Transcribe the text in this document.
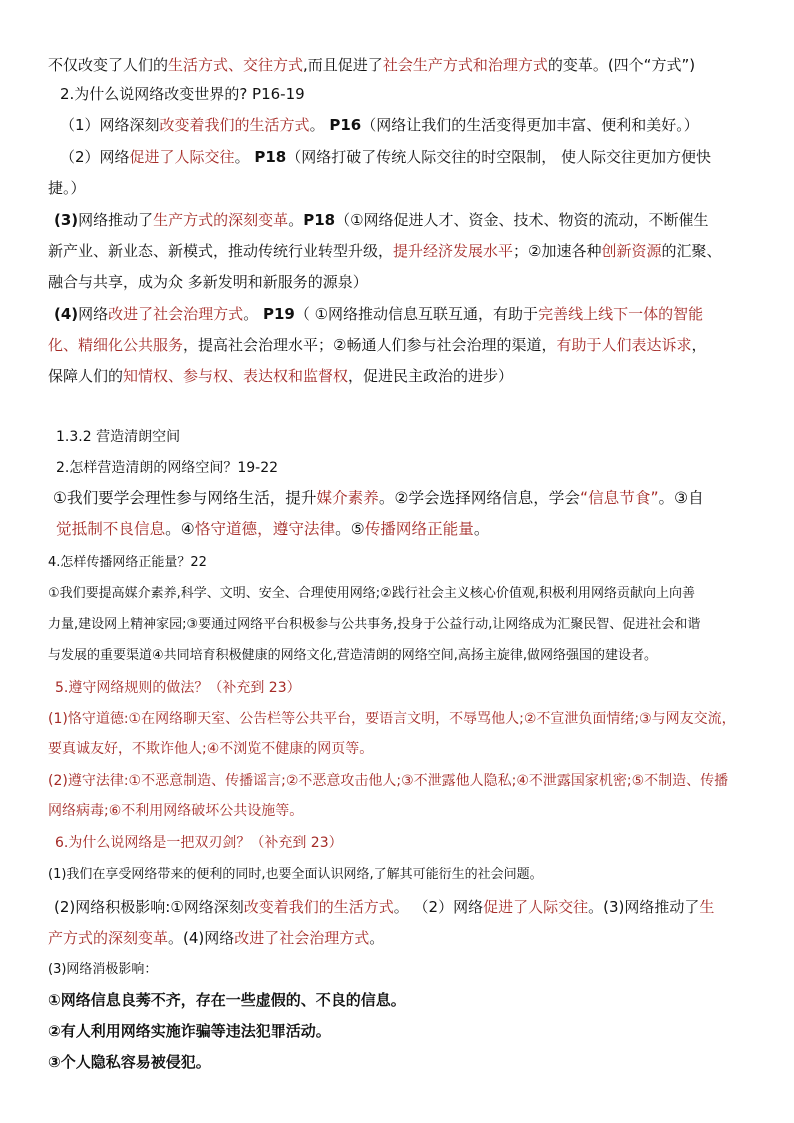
不仅改变了人们的生活方式、交往方式,而且促进了社会生产方式和治理方式的变革。(四个“方式”)
2.为什么说网络改变世界的? P16-19
（1）网络深刻改变着我们的生活方式。 P16（网络让我们的生活变得更加丰富、便利和美好。）
（2）网络促进了人际交往。 P18（网络打破了传统人际交往的时空限制， 使人际交往更加方便快
捷。）
(3)网络推动了生产方式的深刻变革。P18（①网络促进人才、资金、技术、物资的流动，不断催生
新产业、新业态、新模式，推动传统行业转型升级，提升经济发展水平；②加速各种创新资源的汇聚、
融合与共享，成为众 多新发明和新服务的源泉）
(4)网络改进了社会治理方式。 P19（ ①网络推动信息互联互通，有助于完善线上线下一体的智能
化、精细化公共服务，提高社会治理水平；②畅通人们参与社会治理的渠道，有助于人们表达诉求，
保障人们的知情权、参与权、表达权和监督权，促进民主政治的进步）
1.3.2 营造清朗空间
2.怎样营造清朗的网络空间？19-22
①我们要学会理性参与网络生活，提升媒介素养。②学会选择网络信息，学会“信息节食”。③自
觉抵制不良信息。④恪守道德，遵守法律。⑤传播网络正能量。
4.怎样传播网络正能量？22
①我们要提高媒介素养,科学、文明、安全、合理使用网络;②践行社会主义核心价值观,积极利用网络贡献向上向善
力量,建设网上精神家园;③要通过网络平台积极参与公共事务,投身于公益行动,让网络成为汇聚民智、促进社会和谐
与发展的重要渠道④共同培育积极健康的网络文化,营造清朗的网络空间,高扬主旋律,做网络强国的建设者。
5.遵守网络规则的做法？（补充到 23）
(1)恪守道德:①在网络聊天室、公告栏等公共平台，要语言文明，不辱骂他人;②不宣泄负面情绪;③与网友交流，
要真诚友好，不欺诈他人;④不浏览不健康的网页等。
(2)遵守法律:①不恶意制造、传播谣言;②不恶意攻击他人;③不泄露他人隐私;④不泄露国家机密;⑤不制造、传播
网络病毒;⑥不利用网络破坏公共设施等。
6.为什么说网络是一把双刃剑？（补充到 23）
(1)我们在享受网络带来的便利的同时,也要全面认识网络,了解其可能衍生的社会问题。
(2)网络积极影响:①网络深刻改变着我们的生活方式。 （2）网络促进了人际交往。(3)网络推动了生
产方式的深刻变革。(4)网络改进了社会治理方式。
(3)网络消极影响：
①网络信息良莠不齐，存在一些虚假的、不良的信息。
②有人利用网络实施诈骗等违法犯罪活动。
③个人隐私容易被侵犯。
